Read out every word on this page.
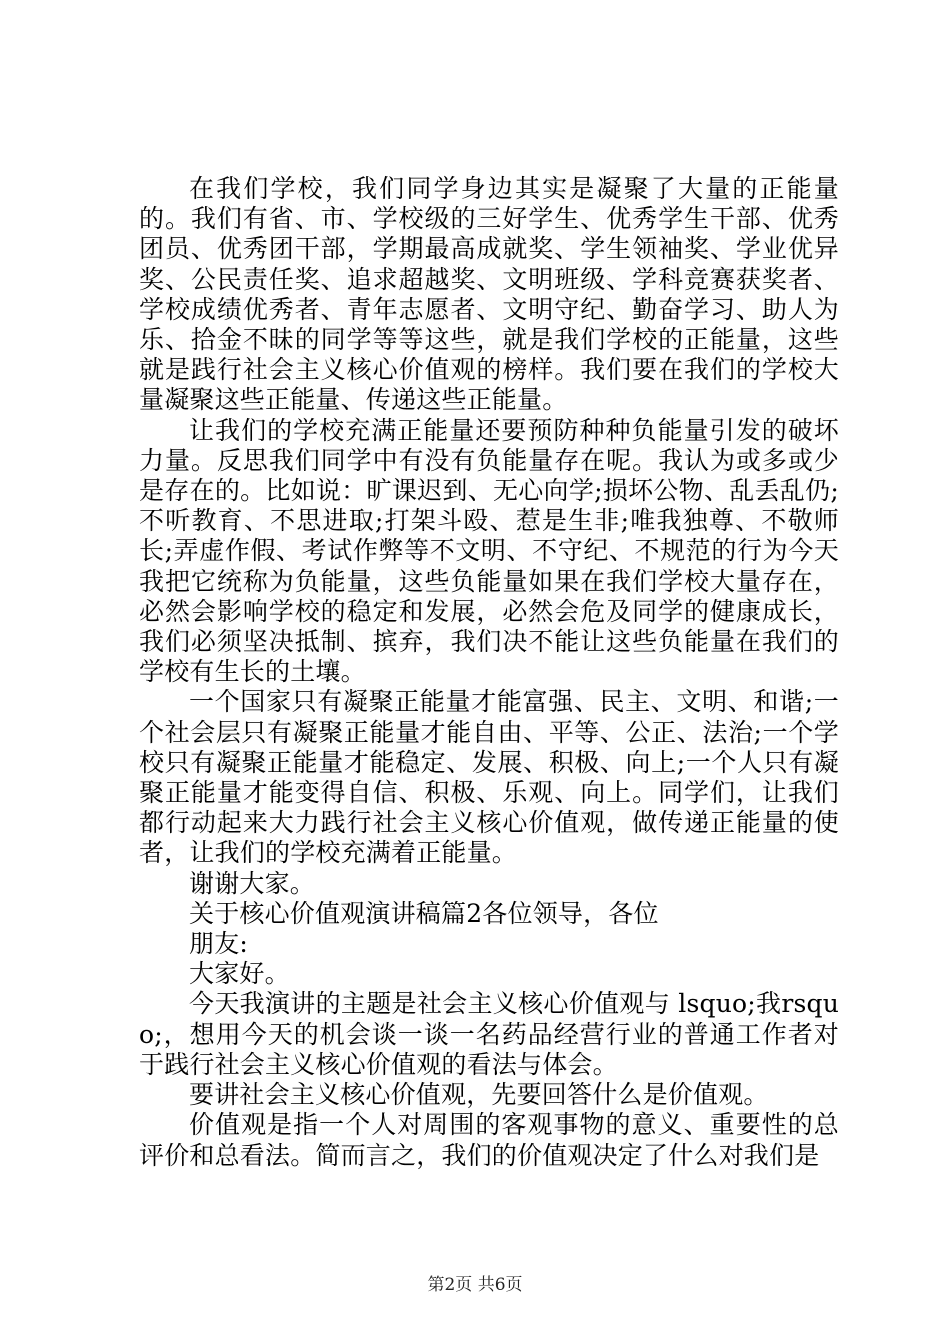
在我们学校，我们同学身边其实是凝聚了大量的正能量的。我们有省、市、学校级的三好学生、优秀学生干部、优秀团员、优秀团干部，学期最高成就奖、学生领袖奖、学业优异奖、公民责任奖、追求超越奖、文明班级、学科竞赛获奖者、学校成绩优秀者、青年志愿者、文明守纪、勤奋学习、助人为乐、拾金不昧的同学等等这些，就是我们学校的正能量，这些就是践行社会主义核心价值观的榜样。我们要在我们的学校大量凝聚这些正能量、传递这些正能量。

让我们的学校充满正能量还要预防种种负能量引发的破坏力量。反思我们同学中有没有负能量存在呢。我认为或多或少是存在的。比如说：旷课迟到、无心向学;损坏公物、乱丢乱仍;不听教育、不思进取;打架斗殴、惹是生非;唯我独尊、不敬师长;弄虚作假、考试作弊等不文明、不守纪、不规范的行为今天我把它统称为负能量，这些负能量如果在我们学校大量存在，必然会影响学校的稳定和发展，必然会危及同学的健康成长，我们必须坚决抵制、摈弃，我们决不能让这些负能量在我们的学校有生长的土壤。

一个国家只有凝聚正能量才能富强、民主、文明、和谐;一个社会层只有凝聚正能量才能自由、平等、公正、法治;一个学校只有凝聚正能量才能稳定、发展、积极、向上;一个人只有凝聚正能量才能变得自信、积极、乐观、向上。同学们，让我们都行动起来大力践行社会主义核心价值观，做传递正能量的使者，让我们的学校充满着正能量。

谢谢大家。

关于核心价值观演讲稿篇2各位领导，各位

朋友:

大家好。

今天我演讲的主题是社会主义核心价值观与 lsquo;我rsquo;，想用今天的机会谈一谈一名药品经营行业的普通工作者对于践行社会主义核心价值观的看法与体会。

要讲社会主义核心价值观，先要回答什么是价值观。

价值观是指一个人对周围的客观事物的意义、重要性的总评价和总看法。简而言之，我们的价值观决定了什么对我们是

第2页 共6页
